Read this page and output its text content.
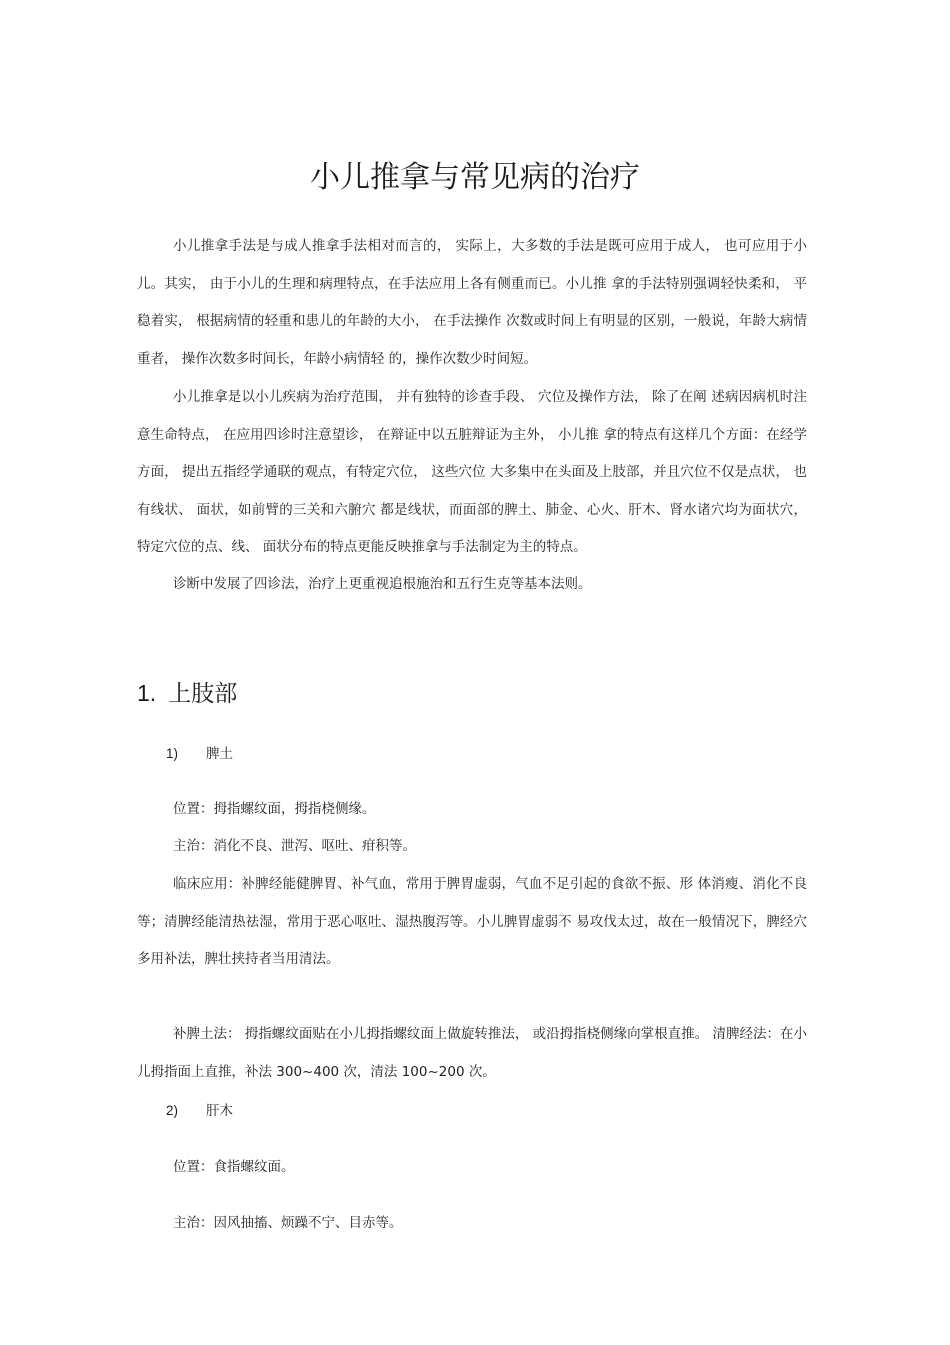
小儿推拿与常见病的治疗

小儿推拿手法是与成人推拿手法相对而言的， 实际上，大多数的手法是既可应用于成人， 也可应用于小儿。其实， 由于小儿的生理和病理特点，在手法应用上各有侧重而已。小儿推 拿的手法特别强调轻快柔和， 平稳着实， 根据病情的轻重和患儿的年龄的大小， 在手法操作 次数或时间上有明显的区别，一般说，年龄大病情重者， 操作次数多时间长，年龄小病情轻 的，操作次数少时间短。

小儿推拿是以小儿疾病为治疗范围， 并有独特的诊查手段、 穴位及操作方法， 除了在阐 述病因病机时注意生命特点， 在应用四诊时注意望诊， 在辩证中以五脏辩证为主外， 小儿推 拿的特点有这样几个方面：在经学方面， 提出五指经学通联的观点，有特定穴位， 这些穴位 大多集中在头面及上肢部，并且穴位不仅是点状， 也有线状、 面状，如前臂的三关和六腑穴 都是线状，而面部的脾土、肺金、心火、肝木、肾水诸穴均为面状穴，特定穴位的点、线、 面状分布的特点更能反映推拿与手法制定为主的特点。

诊断中发展了四诊法，治疗上更重视追根施治和五行生克等基本法则。

1. 上肢部
1) 脾土
位置：拇指螺纹面，拇指桡侧缘。
主治：消化不良、泄泻、呕吐、疳积等。

临床应用：补脾经能健脾胃、补气血，常用于脾胃虚弱，气血不足引起的食欲不振、形 体消瘦、消化不良等；清脾经能清热祛湿，常用于恶心呕吐、湿热腹泻等。小儿脾胃虚弱不 易攻伐太过，故在一般情况下，脾经穴多用补法，脾壮挟持者当用清法。

补脾土法： 拇指螺纹面贴在小儿拇指螺纹面上做旋转推法， 或沿拇指桡侧缘向掌根直推。 清脾经法：在小儿拇指面上直推，补法 300~400 次，清法 100~200 次。

2) 肝木
位置：食指螺纹面。
主治：因风抽搐、烦躁不宁、目赤等。
